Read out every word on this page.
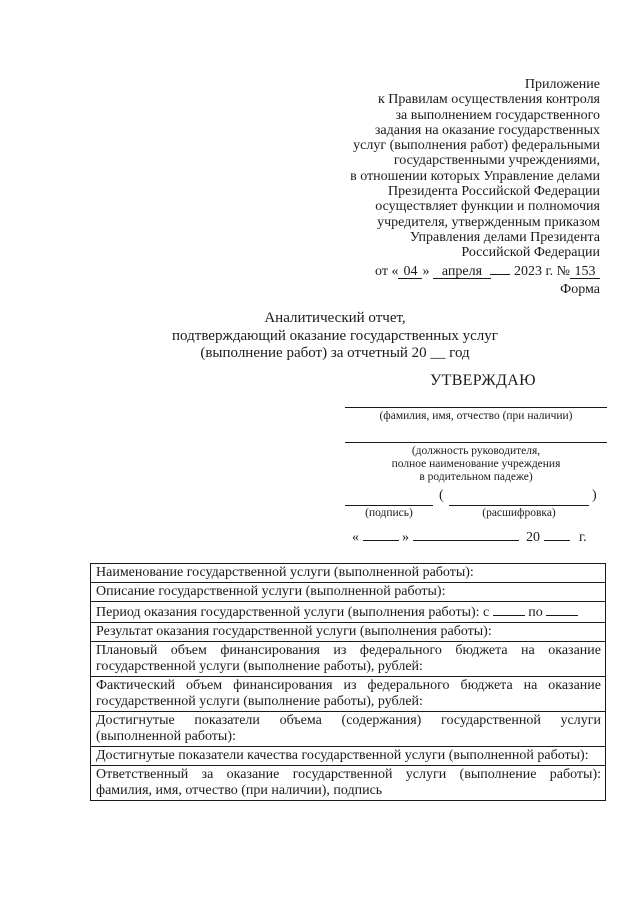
Приложение
к Правилам осуществления контроля
за выполнением государственного
задания на оказание государственных
услуг (выполнения работ) федеральными
государственными учреждениями,
в отношении которых Управление делами
Президента Российской Федерации
осуществляет функции и полномочия
учредителя, утвержденным приказом
Управления делами Президента
Российской Федерации
от « 04 » апреля 2023 г. № 153
Форма
Аналитический отчет,
подтверждающий оказание государственных услуг
(выполнение работ) за отчетный 20 __ год
УТВЕРЖДАЮ
(фамилия, имя, отчество (при наличии)
(должность руководителя,
полное наименование учреждения
в родительном падеже)
(подпись)
(
(расшифровка)
)
«	»	20	г.
Наименование государственной услуги (выполненной работы):
Описание государственной услуги (выполненной работы):
Период оказания государственной услуги (выполнения работы): с	по
Результат оказания государственной услуги (выполнения работы):
Плановый объем финансирования из федерального бюджета на оказание государственной услуги (выполнение работы), рублей:
Фактический объем финансирования из федерального бюджета на оказание государственной услуги (выполнение работы), рублей:
Достигнутые показатели объема (содержания) государственной услуги (выполненной работы):
Достигнутые показатели качества государственной услуги (выполненной работы):
Ответственный за оказание государственной услуги (выполнение работы): фамилия, имя, отчество (при наличии), подпись
